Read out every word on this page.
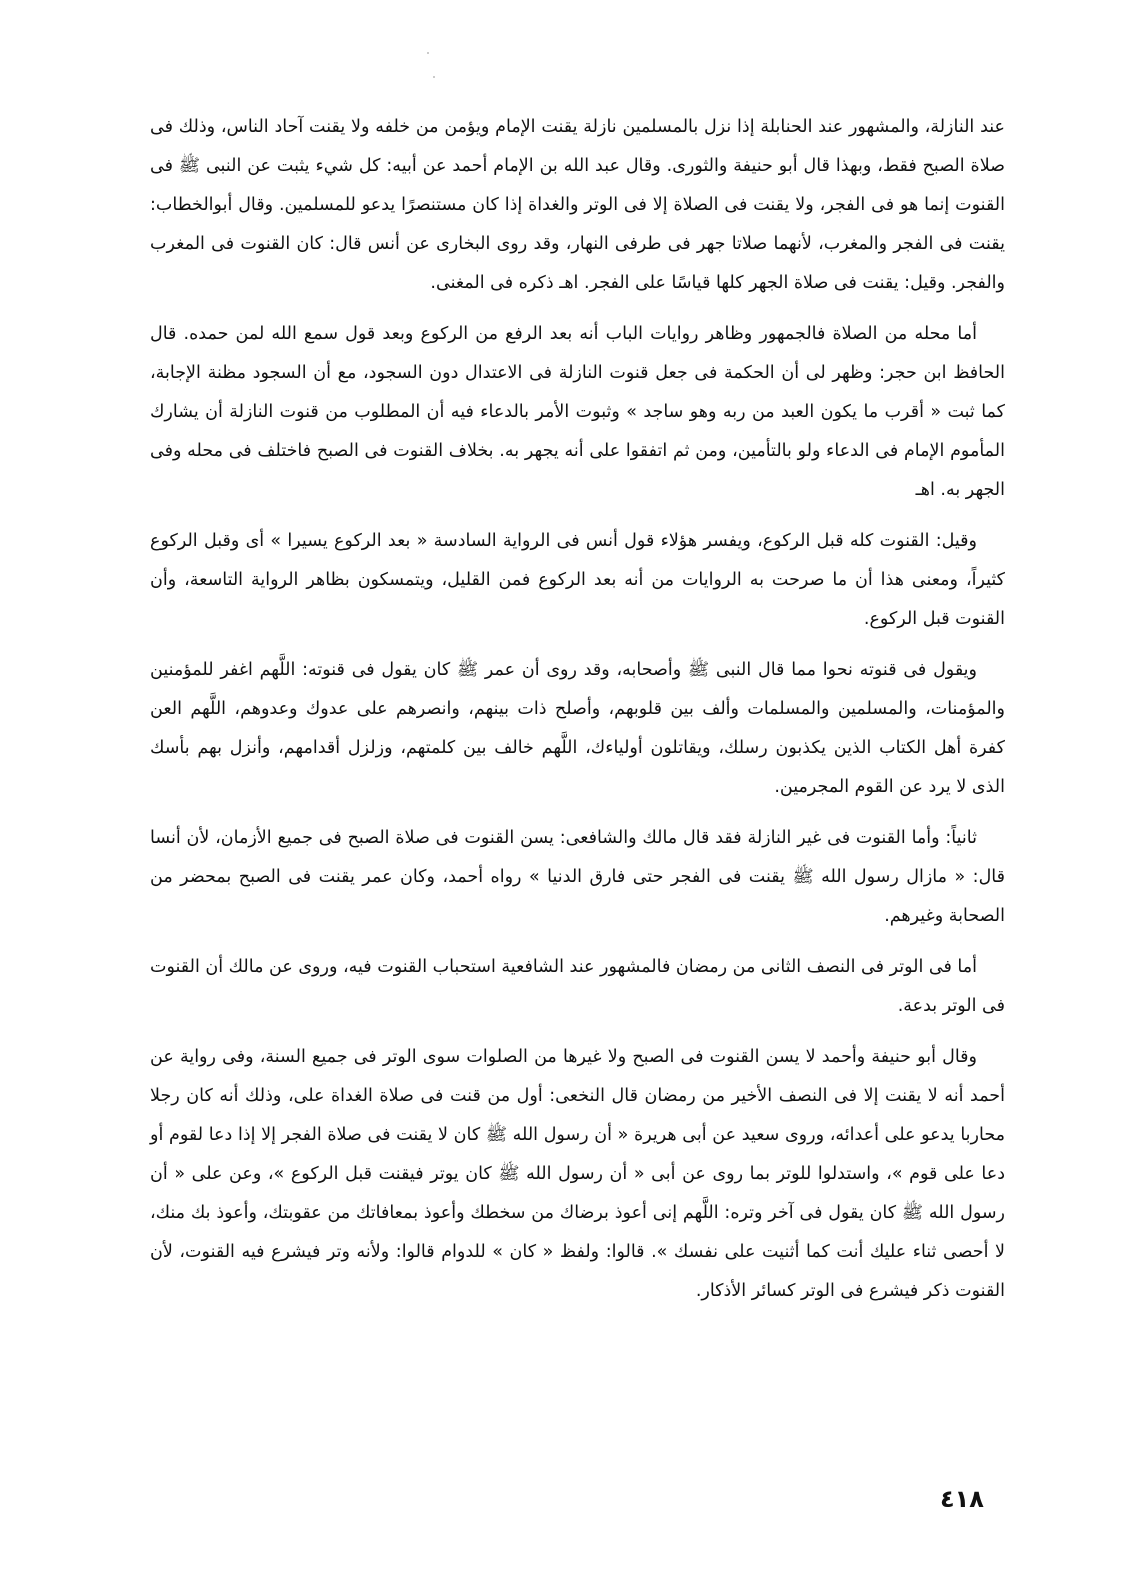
عند النازلة، والمشهور عند الحنابلة إذا نزل بالمسلمين نازلة يقنت الإمام ويؤمن من خلفه ولا يقنت آحاد الناس، وذلك فى صلاة الصبح فقط، وبهذا قال أبو حنيفة والثورى. وقال عبد الله بن الإمام أحمد عن أبيه: كل شيء يثبت عن النبى ﷺ فى القنوت إنما هو فى الفجر، ولا يقنت فى الصلاة إلا فى الوتر والغداة إذا كان مستنصرًا يدعو للمسلمين. وقال أبوالخطاب: يقنت فى الفجر والمغرب، لأنهما صلاتا جهر فى طرفى النهار، وقد روى البخارى عن أنس قال: كان القنوت فى المغرب والفجر. وقيل: يقنت فى صلاة الجهر كلها قياسًا على الفجر. اهـ ذكره فى المغنى.

أما محله من الصلاة فالجمهور وظاهر روايات الباب أنه بعد الرفع من الركوع وبعد قول سمع الله لمن حمده. قال الحافظ ابن حجر: وظهر لى أن الحكمة فى جعل قنوت النازلة فى الاعتدال دون السجود، مع أن السجود مظنة الإجابة، كما ثبت « أقرب ما يكون العبد من ربه وهو ساجد » وثبوت الأمر بالدعاء فيه أن المطلوب من قنوت النازلة أن يشارك المأموم الإمام فى الدعاء ولو بالتأمين، ومن ثم اتفقوا على أنه يجهر به. بخلاف القنوت فى الصبح فاختلف فى محله وفى الجهر به. اهـ

وقيل: القنوت كله قبل الركوع، ويفسر هؤلاء قول أنس فى الرواية السادسة « بعد الركوع يسيرا » أى وقبل الركوع كثيراً، ومعنى هذا أن ما صرحت به الروايات من أنه بعد الركوع فمن القليل، ويتمسكون بظاهر الرواية التاسعة، وأن القنوت قبل الركوع.

ويقول فى قنوته نحوا مما قال النبى ﷺ وأصحابه، وقد روى أن عمر ﷺ كان يقول فى قنوته: اللَّهم اغفر للمؤمنين والمؤمنات، والمسلمين والمسلمات وألف بين قلوبهم، وأصلح ذات بينهم، وانصرهم على عدوك وعدوهم، اللَّهم العن كفرة أهل الكتاب الذين يكذبون رسلك، ويقاتلون أولياءك، اللَّهم خالف بين كلمتهم، وزلزل أقدامهم، وأنزل بهم بأسك الذى لا يرد عن القوم المجرمين.

ثانياً: وأما القنوت فى غير النازلة فقد قال مالك والشافعى: يسن القنوت فى صلاة الصبح فى جميع الأزمان، لأن أنسا قال: « مازال رسول الله ﷺ يقنت فى الفجر حتى فارق الدنيا » رواه أحمد، وكان عمر يقنت فى الصبح بمحضر من الصحابة وغيرهم.

أما فى الوتر فى النصف الثانى من رمضان فالمشهور عند الشافعية استحباب القنوت فيه، وروى عن مالك أن القنوت فى الوتر بدعة.

وقال أبو حنيفة وأحمد لا يسن القنوت فى الصبح ولا غيرها من الصلوات سوى الوتر فى جميع السنة، وفى رواية عن أحمد أنه لا يقنت إلا فى النصف الأخير من رمضان قال النخعى: أول من قنت فى صلاة الغداة على، وذلك أنه كان رجلا محاربا يدعو على أعدائه، وروى سعيد عن أبى هريرة « أن رسول الله ﷺ كان لا يقنت فى صلاة الفجر إلا إذا دعا لقوم أو دعا على قوم »، واستدلوا للوتر بما روى عن أبى « أن رسول الله ﷺ كان يوتر فيقنت قبل الركوع »، وعن على « أن رسول الله ﷺ كان يقول فى آخر وتره: اللَّهم إنى أعوذ برضاك من سخطك وأعوذ بمعافاتك من عقوبتك، وأعوذ بك منك، لا أحصى ثناء عليك أنت كما أثنيت على نفسك ». قالوا: ولفظ « كان » للدوام قالوا: ولأنه وتر فيشرع فيه القنوت، لأن القنوت ذكر فيشرع فى الوتر كسائر الأذكار.

٤١٨
